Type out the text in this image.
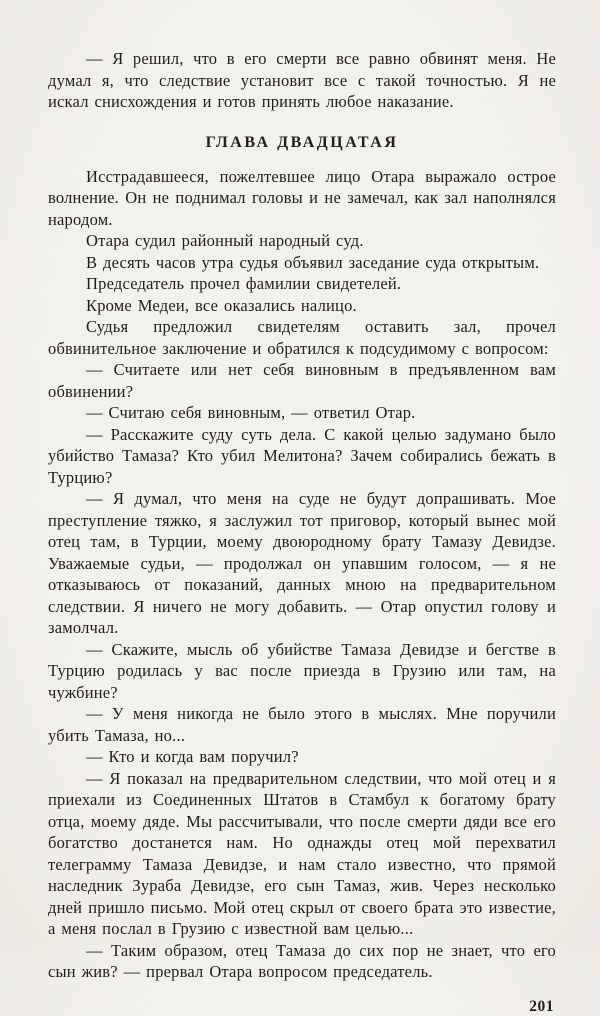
— Я решил, что в его смерти все равно обвинят меня. Не думал я, что следствие установит все с такой точностью. Я не искал снисхождения и готов принять любое наказание.

ГЛАВА ДВАДЦАТАЯ

Исстрадавшееся, пожелтевшее лицо Отара выражало острое волнение. Он не поднимал головы и не замечал, как зал наполнялся народом.

Отара судил районный народный суд.

В десять часов утра судья объявил заседание суда открытым.

Председатель прочел фамилии свидетелей.

Кроме Медеи, все оказались налицо.

Судья предложил свидетелям оставить зал, прочел обвинительное заключение и обратился к подсудимому с вопросом:

— Считаете или нет себя виновным в предъявленном вам обвинении?

— Считаю себя виновным, — ответил Отар.

— Расскажите суду суть дела. С какой целью задумано было убийство Тамаза? Кто убил Мелитона? Зачем собирались бежать в Турцию?

— Я думал, что меня на суде не будут допрашивать. Мое преступление тяжко, я заслужил тот приговор, который вынес мой отец там, в Турции, моему двоюродному брату Тамазу Девидзе. Уважаемые судьи, — продолжал он упавшим голосом, — я не отказываюсь от показаний, данных мною на предварительном следствии. Я ничего не могу добавить. — Отар опустил голову и замолчал.

— Скажите, мысль об убийстве Тамаза Девидзе и бегстве в Турцию родилась у вас после приезда в Грузию или там, на чужбине?

— У меня никогда не было этого в мыслях. Мне поручили убить Тамаза, но...

— Кто и когда вам поручил?

— Я показал на предварительном следствии, что мой отец и я приехали из Соединенных Штатов в Стамбул к богатому брату отца, моему дяде. Мы рассчитывали, что после смерти дяди все его богатство достанется нам. Но однажды отец мой перехватил телеграмму Тамаза Девидзе, и нам стало известно, что прямой наследник Зураба Девидзе, его сын Тамаз, жив. Через несколько дней пришло письмо. Мой отец скрыл от своего брата это известие, а меня послал в Грузию с известной вам целью...

— Таким образом, отец Тамаза до сих пор не знает, что его сын жив? — прервал Отара вопросом председатель.

201
